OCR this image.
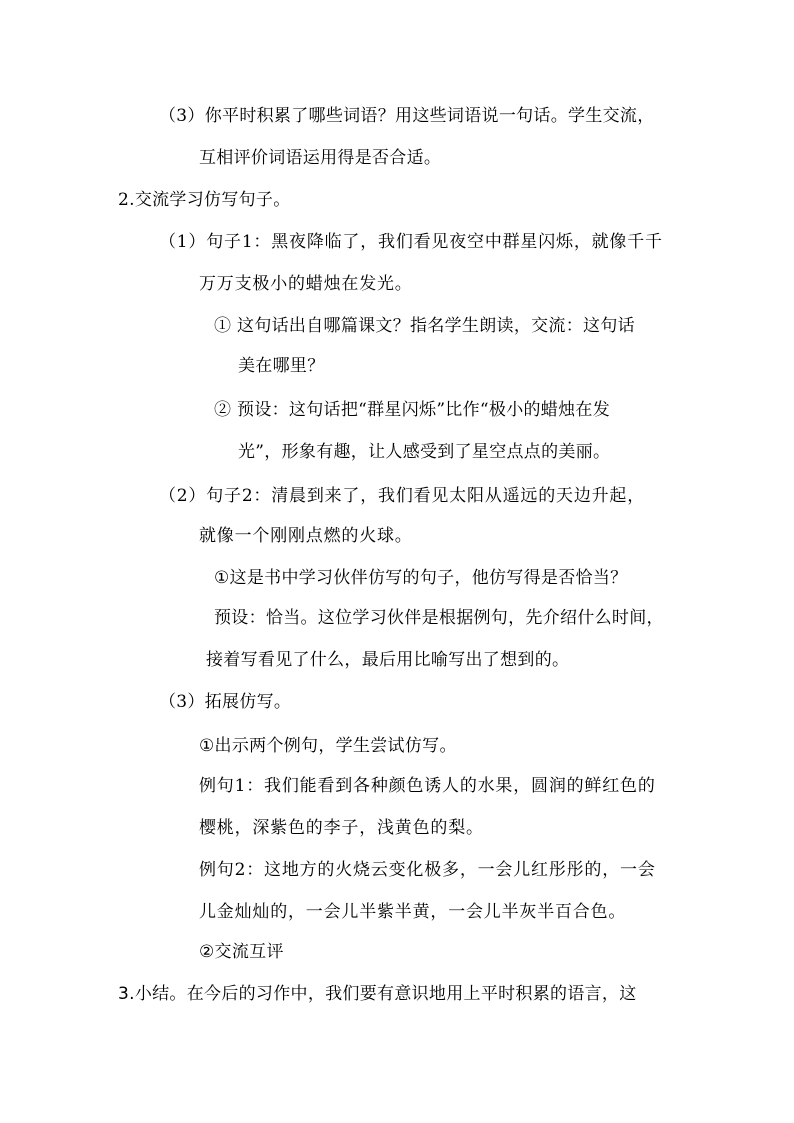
（3）你平时积累了哪些词语？用这些词语说一句话。学生交流，
互相评价词语运用得是否合适。
2.交流学习仿写句子。
（1）句子1：黑夜降临了，我们看见夜空中群星闪烁，就像千千
万万支极小的蜡烛在发光。
① 这句话出自哪篇课文？指名学生朗读，交流：这句话
美在哪里？
② 预设：这句话把“群星闪烁”比作“极小的蜡烛在发
光”，形象有趣，让人感受到了星空点点的美丽。
（2）句子2：清晨到来了，我们看见太阳从遥远的天边升起，
就像一个刚刚点燃的火球。
①这是书中学习伙伴仿写的句子，他仿写得是否恰当？
预设：恰当。这位学习伙伴是根据例句，先介绍什么时间，
接着写看见了什么，最后用比喻写出了想到的。
（3）拓展仿写。
①出示两个例句，学生尝试仿写。
例句1：我们能看到各种颜色诱人的水果，圆润的鲜红色的
樱桃，深紫色的李子，浅黄色的梨。
例句2：这地方的火烧云变化极多，一会儿红彤彤的，一会
儿金灿灿的，一会儿半紫半黄，一会儿半灰半百合色。
②交流互评
3.小结。在今后的习作中，我们要有意识地用上平时积累的语言，这
